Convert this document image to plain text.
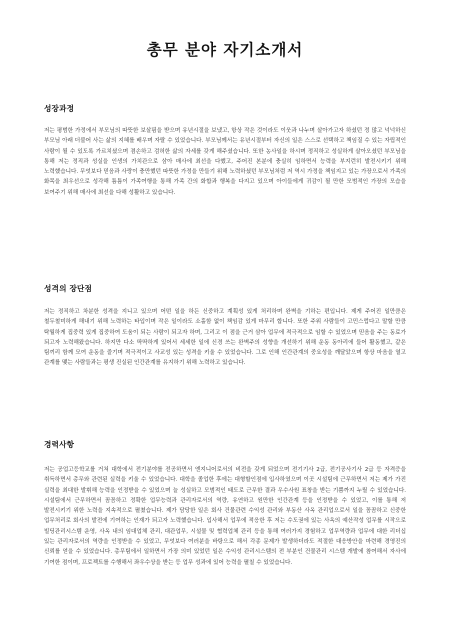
총무 분야 자기소개서
성장과정

저는 평범한 가정에서 부모님의 따뜻한 보살핌을 받으며 유년시절을 보냈고, 항상 작은 것이라도 이웃과 나누며 살아가고자 하셨던 정 많고 넉넉하신 부모님 아래 더불어 사는 삶의 지혜를 배우며 자랄 수 있었습니다. 부모님께서는 유년시절부터 자신의 일은 스스로 선택하고 책임질 수 있는 자립적인 사람이 될 수 있도록 가르치셨으며 겸손하고 검허한 삶의 자세를 갖게 해주셨습니다. 또한 농사일을 하시며 정직하고 성실하게 살아오셨던 부모님을 통해 저는 정직과 성실을 인생의 가치관으로 삼아 매사에 최선을 다했고, 주어진 본분에 충실히 임하면서 능력을 부지런히 발전시키기 위해 노력했습니다. 무엇보다 믿음과 사랑이 충만했던 따뜻한 가정을 만들기 위해 노력하셨던 부모님처럼 저 역시 가정을 책임지고 있는 가장으로서 가족의 화목을 최우선으로 성각해 틈틈이 가족여행을 통해 가족 간의 화합과 행복을 다지고 있으며 아이들에게 귀감이 될 만한 모범적인 가장의 모습을 보여주기 위해 매사에 최선을 다해 성활하고 있습니다.

성격의 장단점

저는 정직하고 차분한 성격을 지니고 있으며 어떤 일을 하든 신중하고 계획성 있게 처리하며 완벽을 기하는 편입니다. 제게 주어진 일만큼은 철두철미하게 해내기 위해 노력하는 타입이며 작은 일이라도 소홀함 없이 책임감 있게 마무리 합니다. 또한 주위 사람들이 고민스럽다고 말할 만큼 탁월하게 집중력 있게 집중하여 도움이 되는 사람이 되고자 하며, 그리고 이 점을 근거 삼아 업무에 적극적으로 임할 수 있었으며 믿음을 주는 동료가 되고자 노력해왔습니다. 하지만 다소 딱딱하게 있어서 세세한 일에 신경 쓰는 완벽주의 성향을 개선하기 위해 운동 동아리에 들어 활동했고, 같은 팀끼리 함께 모여 운동을 즐기며 적극적이고 사교성 있는 성격을 키울 수 있었습니다. 그로 인해 인간관계의 중요성을 깨달았으며 항상 마음을 열고 관계를 맺는 사람들과는 평생 진실된 인간관계를 유지하기 위해 노력하고 있습니다.

경력사항

저는 공업고등학교를 거쳐 대학에서 전기분야를 전공하면서 엔지니어로서의 비전을 갖게 되었으며 전기기사 2급, 전기공사기사 2급 등 자격증을 취득하면서 총무와 관련된 실력을 키울 수 있었습니다. 대학을 졸업한 후에는 대형할인점에 입사하였으며 이곳 시설팀에 근무하면서 저는 제가 가진 실력을 최대한 발휘해 능력을 인정받을 수 있었으며 늘 성실하고 모범적인 태도로 근무한 결과 우수사원 표창을 받는 기쁨까지 누릴 수 있었습니다. 시설팀에서 근무하면서 꼼꼼하고 정확한 업무능력과 관리자로서의 역량, 유연하고 원만한 인간관계 등을 인정받을 수 있었고, 이를 통해 저 발전시키기 위한 노력을 지속적으로 펼쳤습니다. 제가 담당한 일은 회사 건물관련 수익성 관리와 부동산 사옥 관리업으로서 일을 꼼꼼하고 신중한 업무처리로 회사의 발전에 기여하는 인재가 되고자 노력했습니다. 입사해서 업무에 적응한 후 저는 수도권에 있는 사옥의 예산작성 업무를 시작으로 빌딩관리시스템 운영, 사옥 내의 임대업체 관리, 대관업무, 시설물 및 협력업체 관리 등을 통해 여러가지 경험하고 업무역량과 업무에 대한 리더십 있는 관리자로서의 역량을 인정받을 수 있었고, 무엇보다 여러분을 바탕으로 해서 각종 문제가 발생하더라도 적절한 대응방안을 마련해 경영진의 신뢰를 얻을 수 있었습니다. 총무팀에서 일하면서 가장 의미 있었던 일은 수익성 관리시스템의 전 부분인 건물관리 시스템 개발에 참여해서 자사에 기여한 점이며, 프로젝트를 수행해서 좌우수상을 받는 등 업무 성과에 있어 능력을 펼칠 수 있었습니다.
